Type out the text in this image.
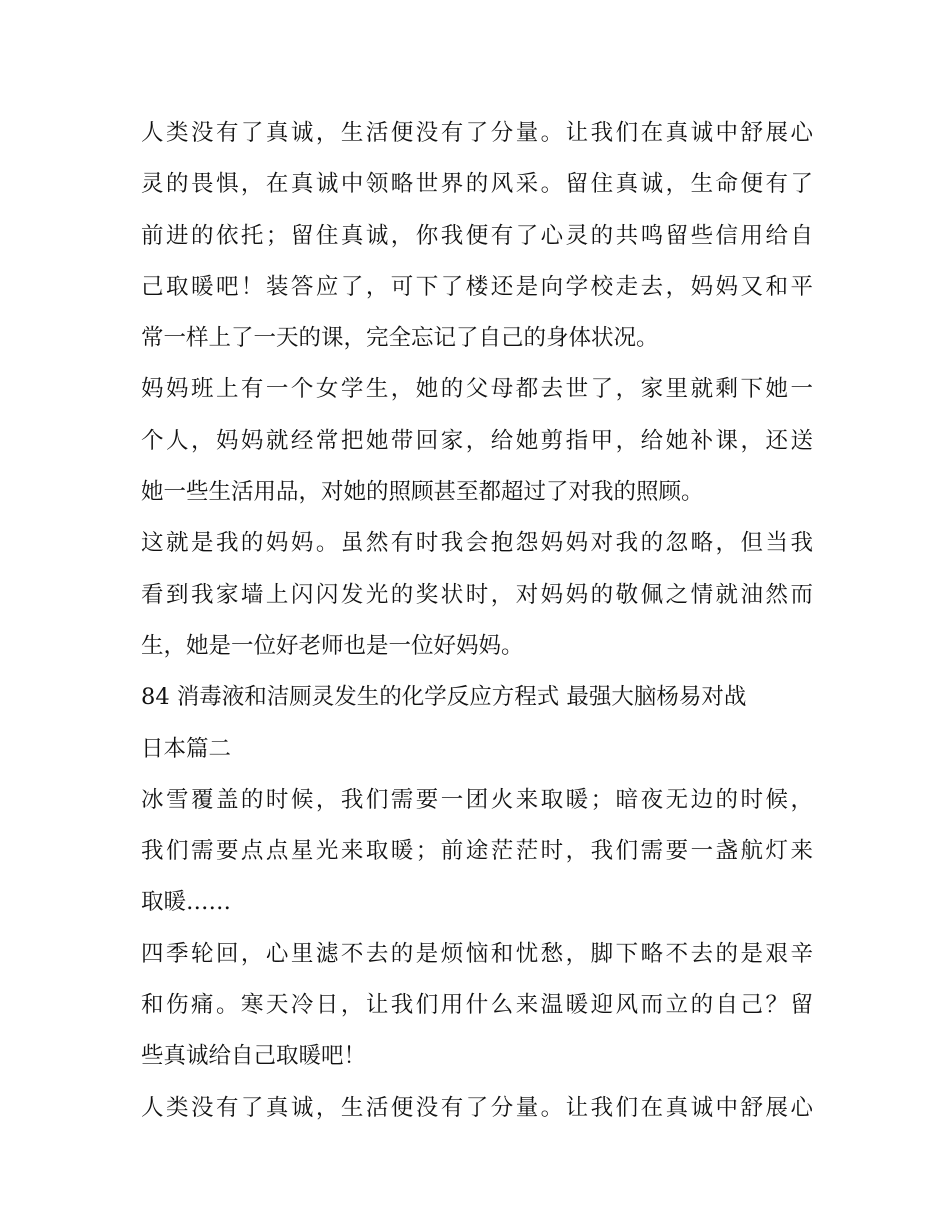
人类没有了真诚，生活便没有了分量。让我们在真诚中舒展心
灵的畏惧，在真诚中领略世界的风采。留住真诚，生命便有了
前进的依托；留住真诚，你我便有了心灵的共鸣留些信用给自
己取暖吧！装答应了，可下了楼还是向学校走去，妈妈又和平
常一样上了一天的课，完全忘记了自己的身体状况。
妈妈班上有一个女学生，她的父母都去世了，家里就剩下她一
个人，妈妈就经常把她带回家，给她剪指甲，给她补课，还送
她一些生活用品，对她的照顾甚至都超过了对我的照顾。
这就是我的妈妈。虽然有时我会抱怨妈妈对我的忽略，但当我
看到我家墙上闪闪发光的奖状时，对妈妈的敬佩之情就油然而
生，她是一位好老师也是一位好妈妈。
84 消毒液和洁厕灵发生的化学反应方程式 最强大脑杨易对战
日本篇二
冰雪覆盖的时候，我们需要一团火来取暖；暗夜无边的时候，
我们需要点点星光来取暖；前途茫茫时，我们需要一盏航灯来
取暖……
四季轮回，心里滤不去的是烦恼和忧愁，脚下略不去的是艰辛
和伤痛。寒天冷日，让我们用什么来温暖迎风而立的自己？留
些真诚给自己取暖吧！
人类没有了真诚，生活便没有了分量。让我们在真诚中舒展心
